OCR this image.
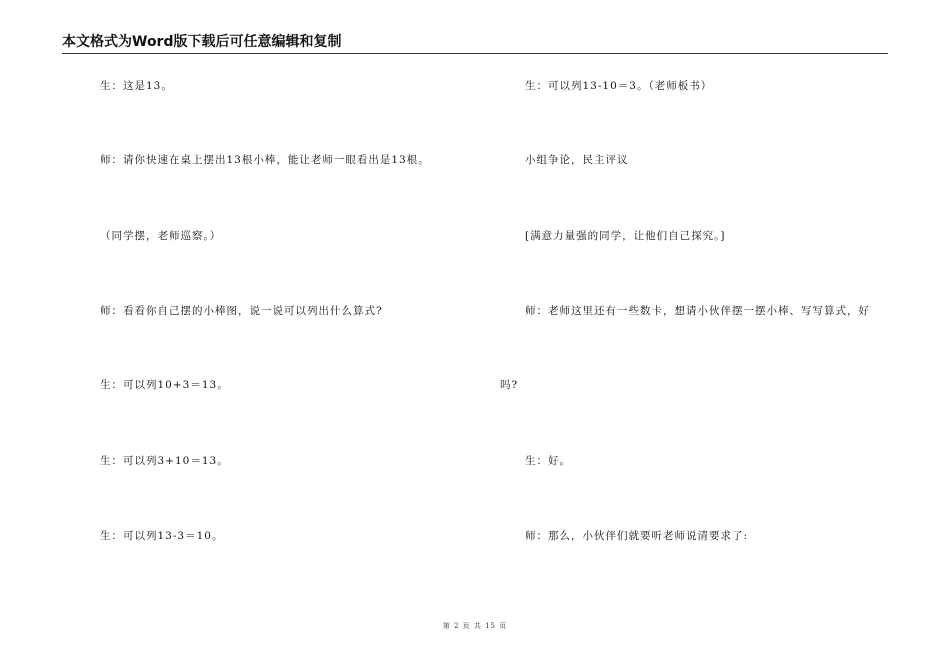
本文格式为Word版下载后可任意编辑和复制
生：这是13。
师：请你快速在桌上摆出13根小棒，能让老师一眼看出是13根。
（同学摆，老师巡察。）
师：看看你自己摆的小棒图，说一说可以列出什么算式?
生：可以列10+3＝13。
生：可以列3+10＝13。
生：可以列13-3＝10。
生：可以列13-10＝3。（老师板书）
小组争论，民主评议
[满意力量强的同学，让他们自己探究。]
师：老师这里还有一些数卡，想请小伙伴摆一摆小棒、写写算式，好
吗?
生：好。
师：那么，小伙伴们就要听老师说清要求了:
第 2 页 共 15 页
